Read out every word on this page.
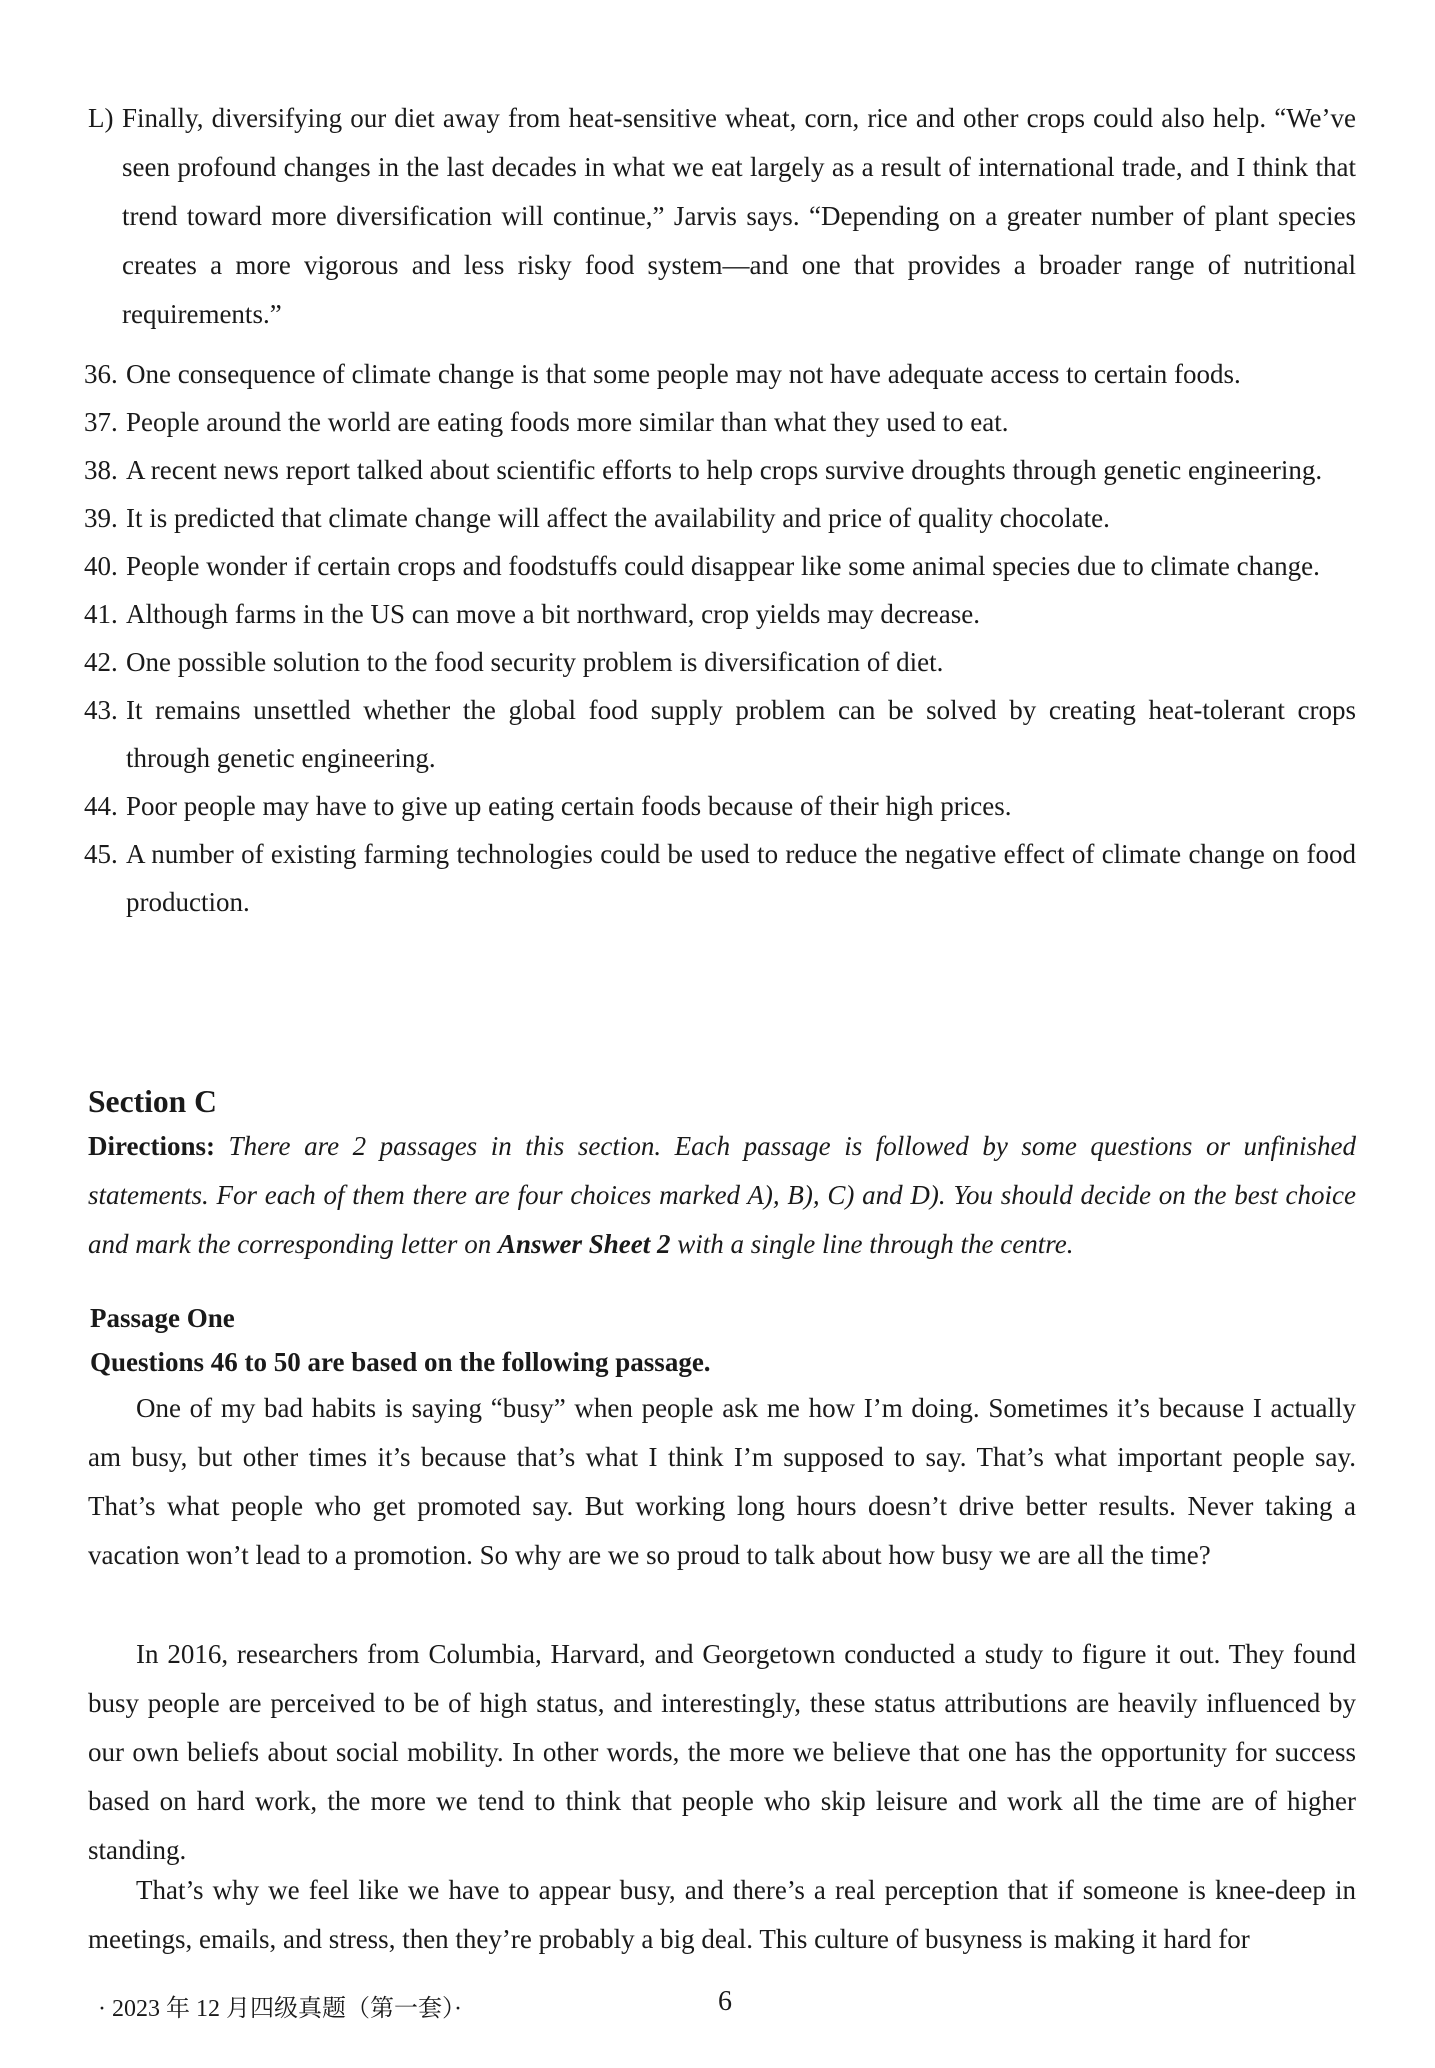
L) Finally, diversifying our diet away from heat-sensitive wheat, corn, rice and other crops could also help. “We’ve seen profound changes in the last decades in what we eat largely as a result of international trade, and I think that trend toward more diversification will continue,” Jarvis says. “Depending on a greater number of plant species creates a more vigorous and less risky food system—and one that provides a broader range of nutritional requirements.”
36. One consequence of climate change is that some people may not have adequate access to certain foods.
37. People around the world are eating foods more similar than what they used to eat.
38. A recent news report talked about scientific efforts to help crops survive droughts through genetic engineering.
39. It is predicted that climate change will affect the availability and price of quality chocolate.
40. People wonder if certain crops and foodstuffs could disappear like some animal species due to climate change.
41. Although farms in the US can move a bit northward, crop yields may decrease.
42. One possible solution to the food security problem is diversification of diet.
43. It remains unsettled whether the global food supply problem can be solved by creating heat-tolerant crops through genetic engineering.
44. Poor people may have to give up eating certain foods because of their high prices.
45. A number of existing farming technologies could be used to reduce the negative effect of climate change on food production.
Section C

Directions: There are 2 passages in this section. Each passage is followed by some questions or unfinished statements. For each of them there are four choices marked A), B), C) and D). You should decide on the best choice and mark the corresponding letter on Answer Sheet 2 with a single line through the centre.

Passage One

Questions 46 to 50 are based on the following passage.

One of my bad habits is saying “busy” when people ask me how I’m doing. Sometimes it’s because I actually am busy, but other times it’s because that’s what I think I’m supposed to say. That’s what important people say. That’s what people who get promoted say. But working long hours doesn’t drive better results. Never taking a vacation won’t lead to a promotion. So why are we so proud to talk about how busy we are all the time?

In 2016, researchers from Columbia, Harvard, and Georgetown conducted a study to figure it out. They found busy people are perceived to be of high status, and interestingly, these status attributions are heavily influenced by our own beliefs about social mobility. In other words, the more we believe that one has the opportunity for success based on hard work, the more we tend to think that people who skip leisure and work all the time are of higher standing.

That’s why we feel like we have to appear busy, and there’s a real perception that if someone is knee-deep in meetings, emails, and stress, then they’re probably a big deal. This culture of busyness is making it hard for

· 2023 年 12 月四级真题（第一套）·	6
